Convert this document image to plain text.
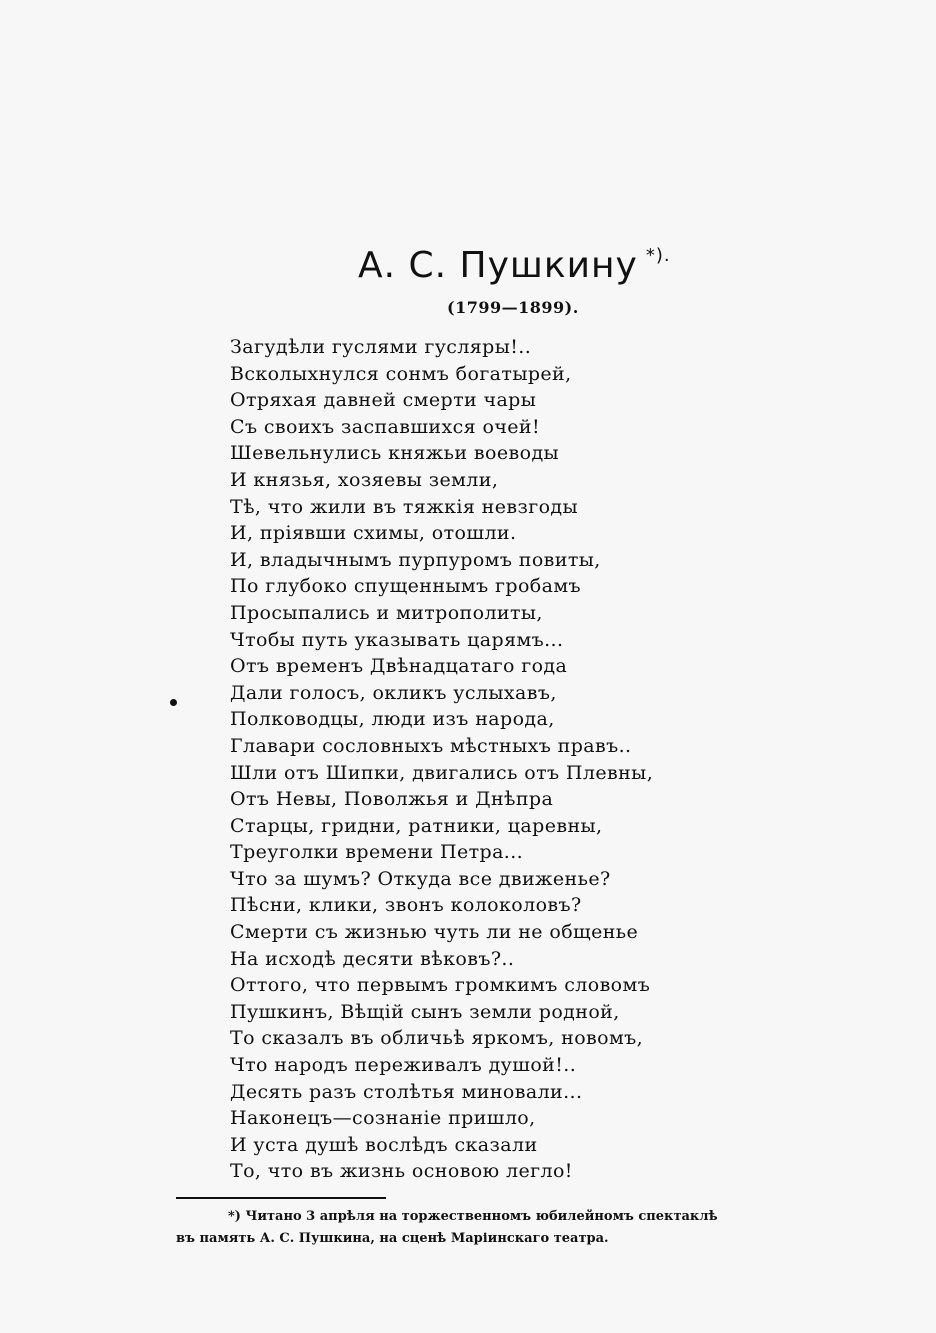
А. С. Пушкину *).
(1799—1899).
Загудѣли гуслями гусляры!..
Всколыхнулся сонмъ богатырей,
Отряхая давней смерти чары
Съ своихъ заспавшихся очей!
Шевельнулись княжьи воеводы
И князья, хозяевы земли,
Тѣ, что жили въ тяжкія невзгоды
И, пріявши схимы, отошли.
И, владычнымъ пурпуромъ повиты,
По глубоко спущеннымъ гробамъ
Просыпались и митрополиты,
Чтобы путь указывать царямъ...
Отъ временъ Двѣнадцатаго года
Дали голосъ, окликъ услыхавъ,
Полководцы, люди изъ народа,
Главари сословныхъ мѣстныхъ правъ..
Шли отъ Шипки, двигались отъ Плевны,
Отъ Невы, Поволжья и Днѣпра
Старцы, гридни, ратники, царевны,
Треуголки времени Петра...
Что за шумъ? Откуда все движенье?
Пѣсни, клики, звонъ колоколовъ?
Смерти съ жизнью чуть ли не общенье
На исходѣ десяти вѣковъ?..
Оттого, что первымъ громкимъ словомъ
Пушкинъ, Вѣщій сынъ земли родной,
То сказалъ въ обличьѣ яркомъ, новомъ,
Что народъ переживалъ душой!..
Десять разъ столѣтья миновали...
Наконецъ—сознаніе пришло,
И уста душѣ вослѣдъ сказали
То, что въ жизнь основою легло!
*) Читано 3 апрѣля на торжественномъ юбилейномъ спектаклѣ
въ память А. С. Пушкина, на сценѣ Маріинскаго театра.
